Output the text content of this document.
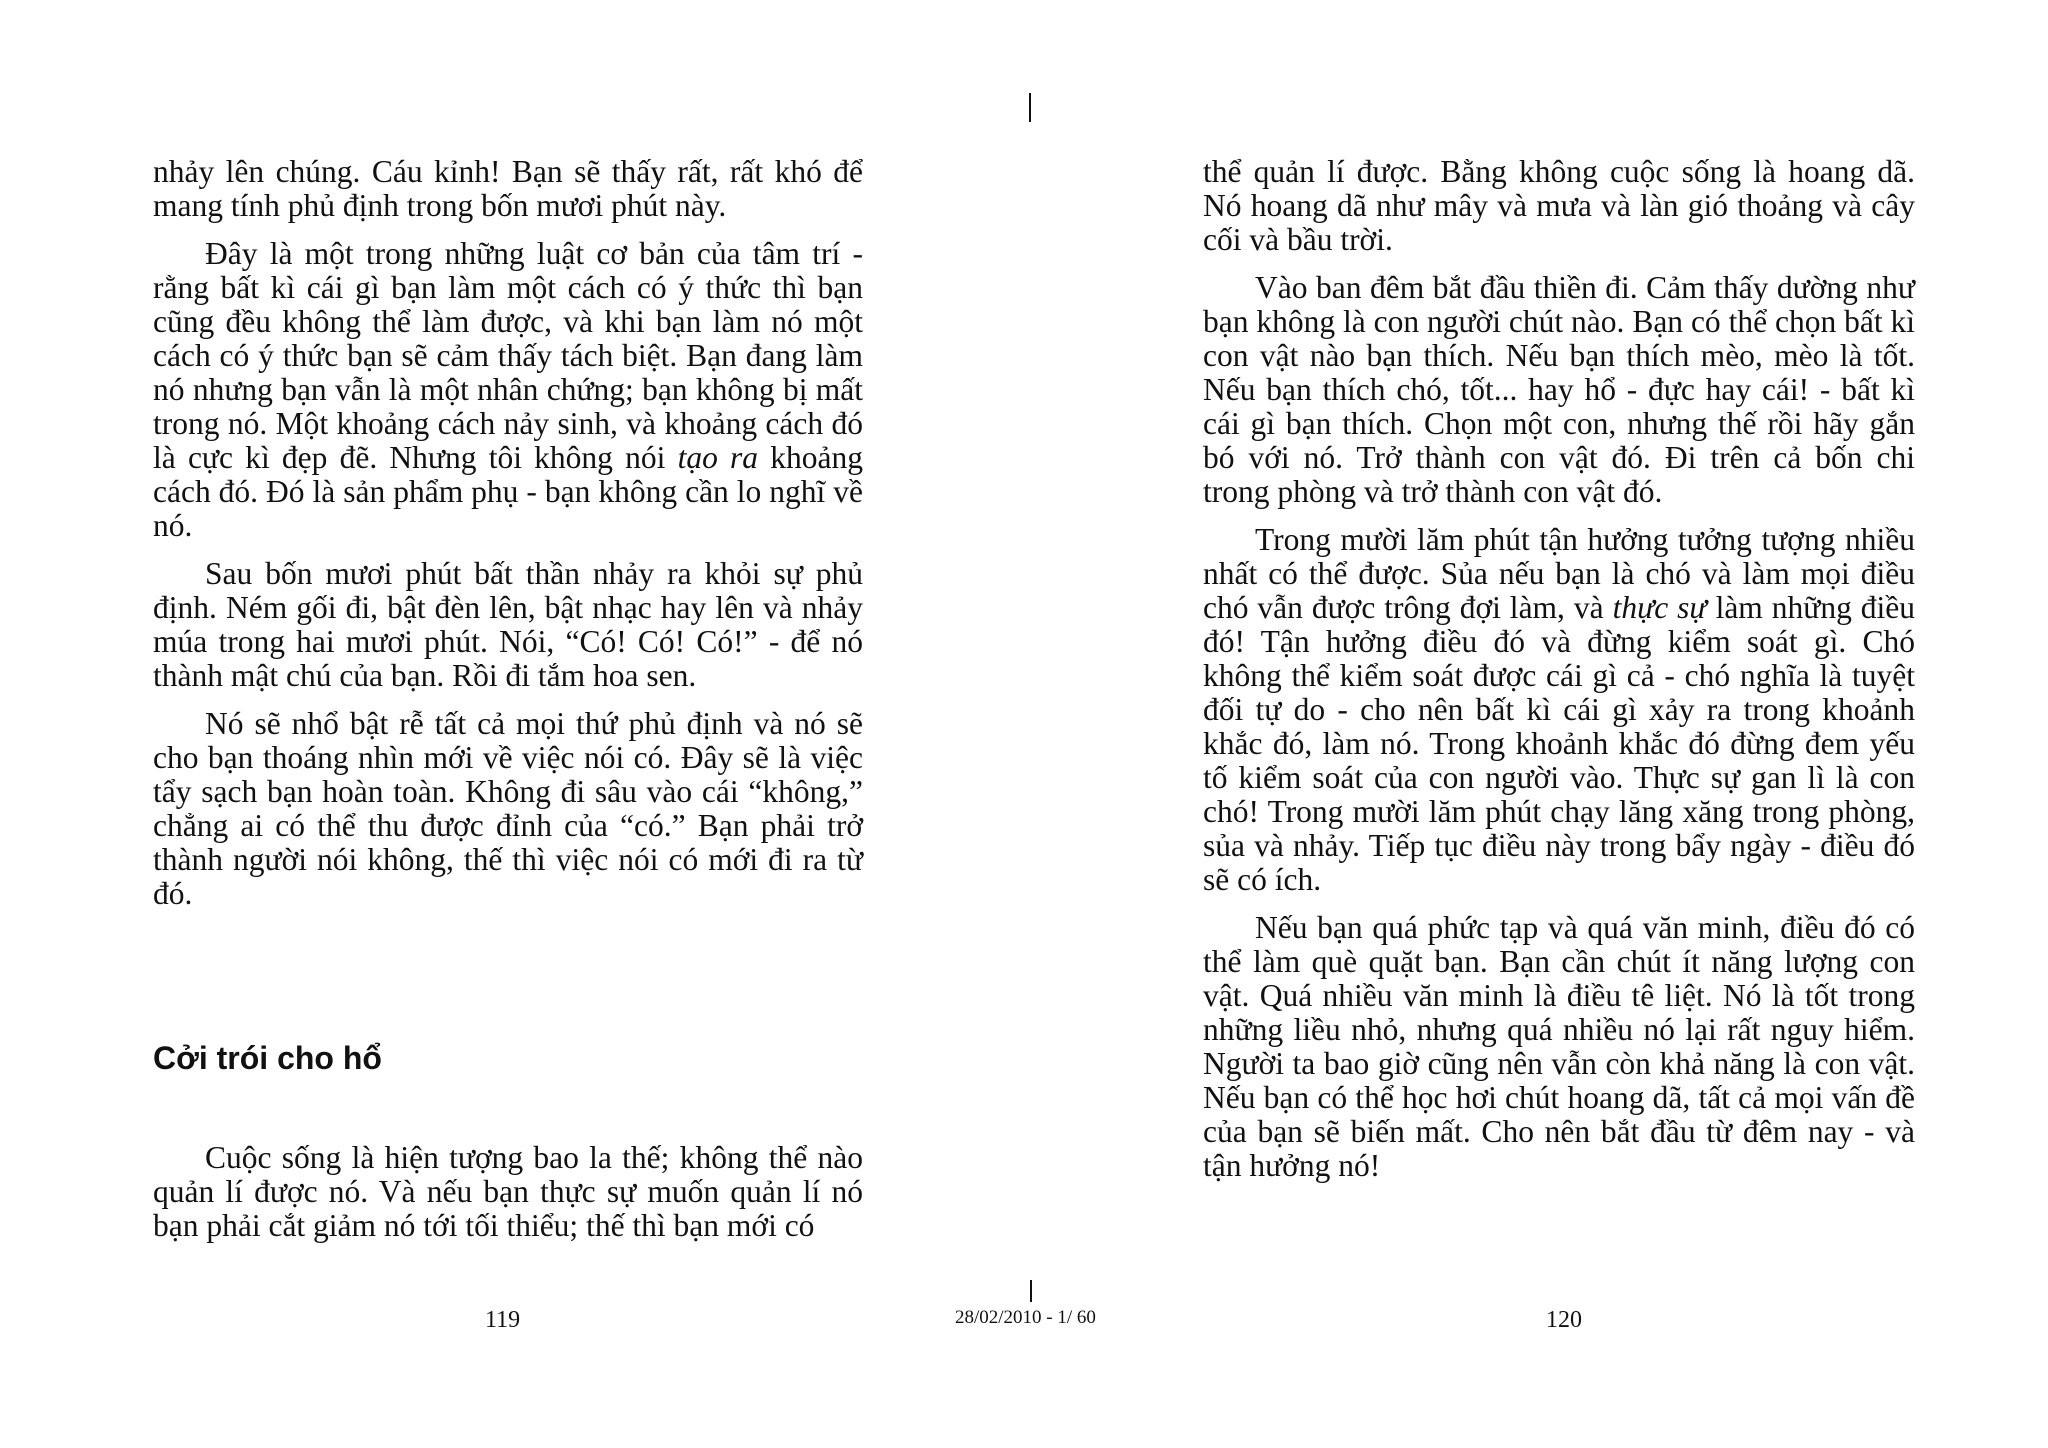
nhảy lên chúng. Cáu kỉnh! Bạn sẽ thấy rất, rất khó để mang tính phủ định trong bốn mươi phút này.

Đây là một trong những luật cơ bản của tâm trí - rằng bất kì cái gì bạn làm một cách có ý thức thì bạn cũng đều không thể làm được, và khi bạn làm nó một cách có ý thức bạn sẽ cảm thấy tách biệt. Bạn đang làm nó nhưng bạn vẫn là một nhân chứng; bạn không bị mất trong nó. Một khoảng cách nảy sinh, và khoảng cách đó là cực kì đẹp đẽ. Nhưng tôi không nói tạo ra khoảng cách đó. Đó là sản phẩm phụ - bạn không cần lo nghĩ về nó.

Sau bốn mươi phút bất thần nhảy ra khỏi sự phủ định. Ném gối đi, bật đèn lên, bật nhạc hay lên và nhảy múa trong hai mươi phút. Nói, “Có! Có! Có!” - để nó thành mật chú của bạn. Rồi đi tắm hoa sen.

Nó sẽ nhổ bật rễ tất cả mọi thứ phủ định và nó sẽ cho bạn thoáng nhìn mới về việc nói có. Đây sẽ là việc tẩy sạch bạn hoàn toàn. Không đi sâu vào cái “không,” chẳng ai có thể thu được đỉnh của “có.” Bạn phải trở thành người nói không, thế thì việc nói có mới đi ra từ đó.

Cởi trói cho hổ

Cuộc sống là hiện tượng bao la thế; không thể nào quản lí được nó. Và nếu bạn thực sự muốn quản lí nó bạn phải cắt giảm nó tới tối thiểu; thế thì bạn mới có

thể quản lí được. Bằng không cuộc sống là hoang dã. Nó hoang dã như mây và mưa và làn gió thoảng và cây cối và bầu trời.

Vào ban đêm bắt đầu thiền đi. Cảm thấy dường như bạn không là con người chút nào. Bạn có thể chọn bất kì con vật nào bạn thích. Nếu bạn thích mèo, mèo là tốt. Nếu bạn thích chó, tốt... hay hổ - đực hay cái! - bất kì cái gì bạn thích. Chọn một con, nhưng thế rồi hãy gắn bó với nó. Trở thành con vật đó. Đi trên cả bốn chi trong phòng và trở thành con vật đó.

Trong mười lăm phút tận hưởng tưởng tượng nhiều nhất có thể được. Sủa nếu bạn là chó và làm mọi điều chó vẫn được trông đợi làm, và thực sự làm những điều đó! Tận hưởng điều đó và đừng kiểm soát gì. Chó không thể kiểm soát được cái gì cả - chó nghĩa là tuyệt đối tự do - cho nên bất kì cái gì xảy ra trong khoảnh khắc đó, làm nó. Trong khoảnh khắc đó đừng đem yếu tố kiểm soát của con người vào. Thực sự gan lì là con chó! Trong mười lăm phút chạy lăng xăng trong phòng, sủa và nhảy. Tiếp tục điều này trong bẩy ngày - điều đó sẽ có ích.

Nếu bạn quá phức tạp và quá văn minh, điều đó có thể làm què quặt bạn. Bạn cần chút ít năng lượng con vật. Quá nhiều văn minh là điều tê liệt. Nó là tốt trong những liều nhỏ, nhưng quá nhiều nó lại rất nguy hiểm. Người ta bao giờ cũng nên vẫn còn khả năng là con vật. Nếu bạn có thể học hơi chút hoang dã, tất cả mọi vấn đề của bạn sẽ biến mất. Cho nên bắt đầu từ đêm nay - và tận hưởng nó!

119	28/02/2010 - 1/ 60	120
